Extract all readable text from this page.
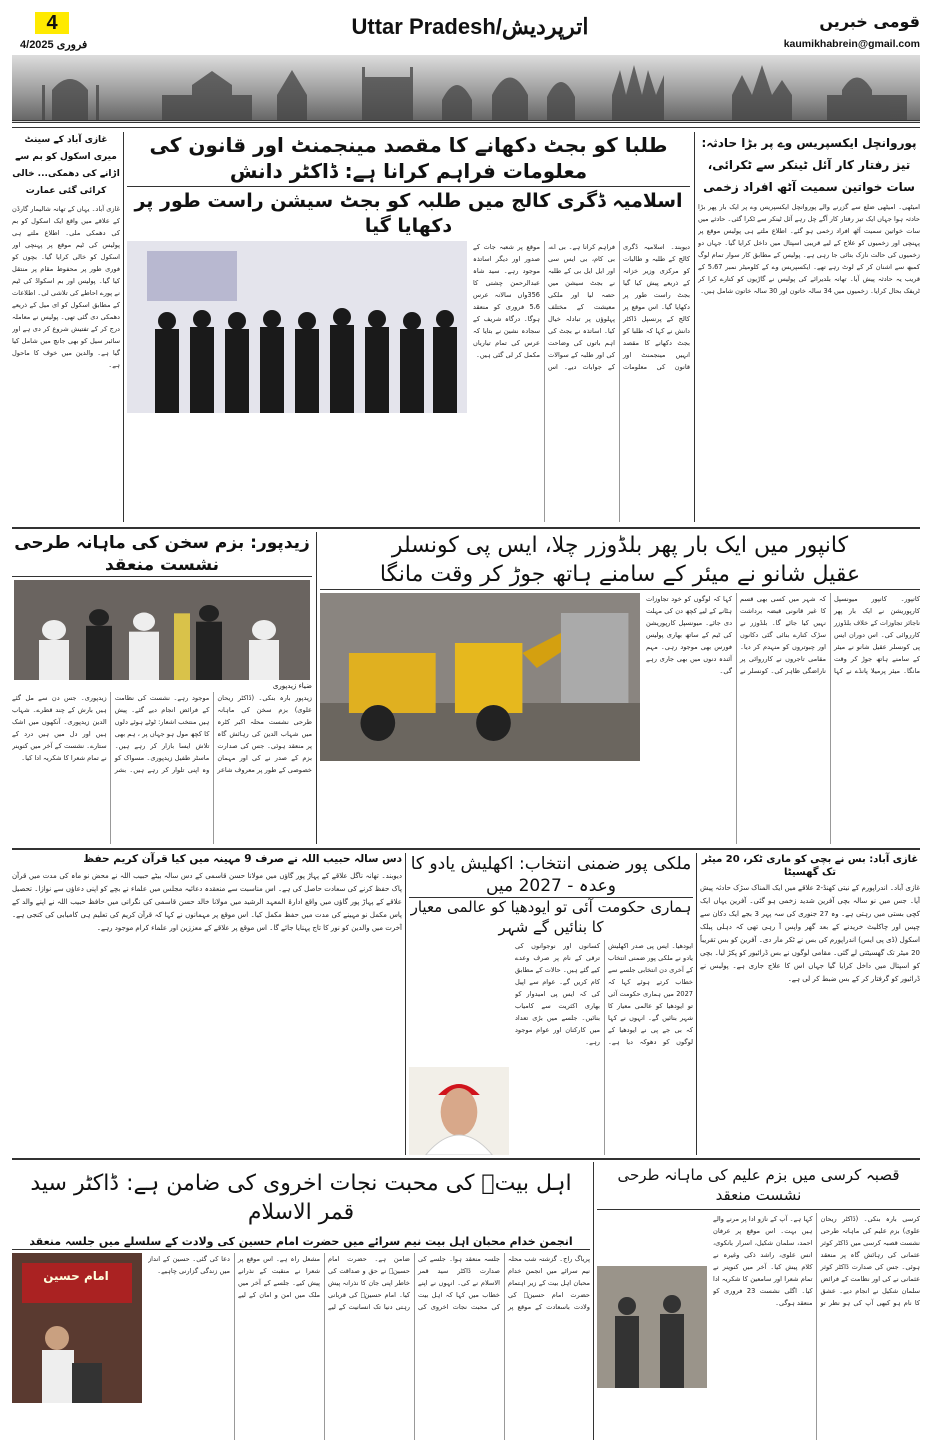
4
4/فروری 2025
Uttar Pradesh/اترپردیش	قومی خبریں
kaumikhabrein@gmail.com
غازی آباد کے سینٹ میری اسکول کو بم سے اڑانے کی دھمکی... خالی کرائی گئی عمارت
غازی آباد۔ یہاں کے تھانہ شالیمار گارڈن کے علاقے میں واقع ایک اسکول کو بم کی دھمکی ملی۔ اطلاع ملتے ہی پولیس کی ٹیم موقع پر پہنچی اور اسکول کو خالی کرایا گیا۔ بچوں کو فوری طور پر محفوظ مقام پر منتقل کیا گیا۔ پولیس اور بم اسکواڈ کی ٹیم نے پورے احاطے کی تلاشی لی۔ اطلاعات کے مطابق اسکول کو ای میل کے ذریعے دھمکی دی گئی تھی۔ پولیس نے معاملہ درج کر کے تفتیش شروع کر دی ہے اور سائبر سیل کو بھی جانچ میں شامل کیا گیا ہے۔ والدین میں خوف کا ماحول ہے۔
طلبا کو بجٹ دکھانے کا مقصد مینجمنٹ اور قانون کی معلومات فراہم کرانا ہے: ڈاکٹر دانش
اسلامیہ ڈگری کالج میں طلبہ کو بجٹ سیشن راست طور پر دکھایا گیا
دیوبند۔ اسلامیہ ڈگری کالج کے طلبہ و طالبات کو مرکزی وزیر خزانہ کے ذریعے پیش کیا گیا بجٹ راست طور پر دکھایا گیا۔ اس موقع پر کالج کے پرنسپل ڈاکٹر دانش نے کہا کہ طلبا کو بجٹ دکھانے کا مقصد انہیں مینجمنٹ اور قانون کی معلومات فراہم کرانا ہے۔ بی اے، بی کام، بی ایس سی اور ایل ایل بی کے طلبہ نے بجٹ سیشن میں حصہ لیا اور ملکی معیشت کے مختلف پہلوؤں پر تبادلہ خیال کیا۔ اساتذہ نے بجٹ کی اہم باتوں کی وضاحت کی اور طلبہ کے سوالات کے جوابات دیے۔ اس موقع پر شعبہ جات کے صدور اور دیگر اساتذہ موجود رہے۔ سید شاہ عبدالرحمن چشتی کا 356واں سالانہ عرس 5،6 فروری کو منعقد ہوگا۔ درگاہ شریف کے سجادہ نشین نے بتایا کہ عرس کی تمام تیاریاں مکمل کر لی گئی ہیں۔
پوروانچل ایکسپریس وے پر بڑا حادثہ: تیز رفتار کار آئل ٹینکر سے ٹکرائی، سات خواتین سمیت آٹھ افراد زخمی
امیٹھی۔ امیٹھی ضلع سے گزرنے والے پوروانچل ایکسپریس وے پر ایک بار پھر بڑا حادثہ ہوا جہاں ایک تیز رفتار کار آگے چل رہے آئل ٹینکر سے ٹکرا گئی۔ حادثے میں سات خواتین سمیت آٹھ افراد زخمی ہو گئے۔ اطلاع ملتے ہی پولیس موقع پر پہنچی اور زخمیوں کو علاج کے لیے قریبی اسپتال میں داخل کرایا گیا۔ جہاں دو زخمیوں کی حالت نازک بتائی جا رہی ہے۔ پولیس کے مطابق کار سوار تمام لوگ کمبھ سے اشنان کر کے لوٹ رہے تھے۔ ایکسپریس وے کے کلومیٹر نمبر 5،67 کے قریب یہ حادثہ پیش آیا۔ تھانہ بلدیرائے کی پولیس نے گاڑیوں کو کنارے کرا کر ٹریفک بحال کرایا۔ زخمیوں میں 34 سالہ خاتون اور 30 سالہ خاتون شامل ہیں۔
زیدپور: بزم سخن کی ماہانہ طرحی نشست منعقد
ضیاء زیدپوری
زیدپور بارہ بنکی۔ (ڈاکٹر ریحان علوی) بزم سخن کی ماہانہ طرحی نشست محلہ اکبر کٹرہ میں شہاب الدین کی رہائش گاہ پر منعقد ہوئی۔ جس کی صدارت بزم کے صدر نے کی اور مہمان خصوصی کے طور پر معروف شاعر موجود رہے۔ نشست کی نظامت کے فرائض انجام دیے گئے۔ پیش ہیں منتخب اشعار: ٹوٹے ہوئے دلوں کا کچھ مول ہو جہاں پر ، ہم بھی تلاش ایسا بازار کر رہے ہیں۔ ماسٹر طفیل زیدپوری۔ مسواک کو وہ اپنی تلوار کر رہے ہیں۔ بشر زیدپوری۔ جس دن سے مل گئے ہیں بارش کے چند قطرے۔ شہاب الدین زیدپوری۔ آنکھوں میں اشک ہیں اور دل میں ہیں درد کے ستارے۔ نشست کے آخر میں کنوینر نے تمام شعرا کا شکریہ ادا کیا۔
کانپور میں ایک بار پھر بلڈوزر چلا، ایس پی کونسلر
عقیل شانو نے میئر کے سامنے ہاتھ جوڑ کر وقت مانگا
کانپور۔ کانپور میونسپل کارپوریشن نے ایک بار پھر ناجائز تجاوزات کے خلاف بلڈوزر کارروائی کی۔ اس دوران ایس پی کونسلر عقیل شانو نے میئر کے سامنے ہاتھ جوڑ کر وقت مانگا۔ میئر پرمیلا پانڈے نے کہا کہ شہر میں کسی بھی قسم کا غیر قانونی قبضہ برداشت نہیں کیا جائے گا۔ بلڈوزر نے سڑک کنارے بنائی گئی دکانوں اور چبوتروں کو منہدم کر دیا۔ مقامی تاجروں نے کارروائی پر ناراضگی ظاہر کی۔ کونسلر نے کہا کہ لوگوں کو خود تجاوزات ہٹانے کے لیے کچھ دن کی مہلت دی جائے۔ میونسپل کارپوریشن کی ٹیم کے ساتھ بھاری پولیس فورس بھی موجود رہی۔ مہم آئندہ دنوں میں بھی جاری رہے گی۔
دس سالہ حبیب اللہ نے صرف 9 مہینہ میں کیا قرآن کریم حفظ
دیوبند۔ تھانہ ناگل علاقے کے پہاڑ پور گاؤں میں مولانا حسن قاسمی کے دس سالہ بیٹے حبیب اللہ نے محض نو ماہ کی مدت میں قرآن پاک حفظ کرنے کی سعادت حاصل کی ہے۔ اس مناسبت سے منعقدہ دعائیہ مجلس میں علماء نے بچے کو اپنی دعاؤں سے نوازا۔ تحصیل علاقے کے پہاڑ پور گاؤں میں واقع ادارۃ المعہد الرشید میں مولانا خالد حسن قاسمی کی نگرانی میں حافظ حبیب اللہ نے اپنے والد کے پاس مکمل نو مہینے کی مدت میں حفظ مکمل کیا۔ اس موقع پر مہمانوں نے کہا کہ قرآن کریم کی تعلیم ہی کامیابی کی کنجی ہے۔ آخرت میں والدین کو نور کا تاج پہنایا جائے گا۔ اس موقع پر علاقے کے معززین اور علماء کرام موجود رہے۔
ملکی پور ضمنی انتخاب: اکھلیش یادو کا وعدہ - 2027 میں
ہماری حکومت آئی تو ایودھیا کو عالمی معیار کا بنائیں گے شہر
ایودھیا۔ ایس پی صدر اکھلیش یادو نے ملکی پور ضمنی انتخاب کے آخری دن انتخابی جلسے سے خطاب کرتے ہوئے کہا کہ 2027 میں ہماری حکومت آئی تو ایودھیا کو عالمی معیار کا شہر بنائیں گے۔ انہوں نے کہا کہ بی جے پی نے ایودھیا کے لوگوں کو دھوکہ دیا ہے۔ کسانوں اور نوجوانوں کی ترقی کے نام پر صرف وعدے کیے گئے ہیں۔ حالات کے مطابق کام کریں گے۔ عوام سے اپیل کی کہ ایس پی امیدوار کو بھاری اکثریت سے کامیاب بنائیں۔ جلسے میں بڑی تعداد میں کارکنان اور عوام موجود رہے۔
غازی آباد: بس نے بچی کو ماری ٹکر، 20 میٹر تک گھسیٹا
غازی آباد۔ اندراپورم کے نیتی کھنڈ-2 علاقے میں ایک المناک سڑک حادثہ پیش آیا۔ جس میں نو سالہ بچی آفرین شدید زخمی ہو گئی۔ آفرین یہاں ایک کچی بستی میں رہتی ہے۔ وہ 27 جنوری کی سہ پہر 3 بجے ایک دکان سے چپس اور چاکلیٹ خریدنے کے بعد گھر واپس آ رہی تھی کہ دہلی پبلک اسکول (ڈی پی ایس) اندراپورم کی بس نے ٹکر مار دی۔ آفرین کو بس تقریباً 20 میٹر تک گھسیٹتی لے گئی۔ مقامی لوگوں نے بس ڈرائیور کو پکڑ لیا۔ بچی کو اسپتال میں داخل کرایا گیا جہاں اس کا علاج جاری ہے۔ پولیس نے ڈرائیور کو گرفتار کر کے بس ضبط کر لی ہے۔
اہل بیتؑ کی محبت نجات اخروی کی ضامن ہے: ڈاکٹر سید قمر الاسلام
انجمن خدام محبان اہل بیت نیم سرائے میں حضرت امام حسین کی ولادت کے سلسلے میں جلسہ منعقد
پریاگ راج۔ گزشتہ شب محلہ نیم سرائے میں انجمن خدام محبان اہل بیت کے زیر اہتمام حضرت امام حسینؑ کی ولادت باسعادت کے موقع پر جلسہ منعقد ہوا۔ جلسے کی صدارت ڈاکٹر سید قمر الاسلام نے کی۔ انہوں نے اپنے خطاب میں کہا کہ اہل بیت کی محبت نجات اخروی کی ضامن ہے۔ حضرت امام حسینؑ نے حق و صداقت کی خاطر اپنی جان کا نذرانہ پیش کیا۔ امام حسینؑ کی قربانی رہتی دنیا تک انسانیت کے لیے مشعل راہ ہے۔ اس موقع پر شعرا نے منقبت کے نذرانے پیش کیے۔ جلسے کے آخر میں ملک میں امن و امان کے لیے دعا کی گئی۔ حسین کے انداز میں زندگی گزارنی چاہیے۔
امام حسین
قصبہ کرسی میں بزم علیم کی ماہانہ طرحی نشست منعقد
کرسی بارہ بنکی۔ (ڈاکٹر ریحان علوی) بزم علیم کی ماہانہ طرحی نشست قصبہ کرسی میں ڈاکٹر کوثر عثمانی کی رہائش گاہ پر منعقد ہوئی۔ جس کی صدارت ڈاکٹر کوثر عثمانی نے کی اور نظامت کے فرائض سلمان شکیل نے انجام دیے۔ عشق کا نام ہو کبھی آپ کی ہو نظر تو کہا ہے۔ آپ کے نازو ادا پر مرنے والے ہیں بہت۔ اس موقع پر عرفان احمد، سلمان شکیل، اسرار بانکوی، انس علوی، راشد ذکی وغیرہ نے کلام پیش کیا۔ آخر میں کنوینر نے تمام شعرا اور سامعین کا شکریہ ادا کیا۔ اگلی نشست 23 فروری کو منعقد ہوگی۔
